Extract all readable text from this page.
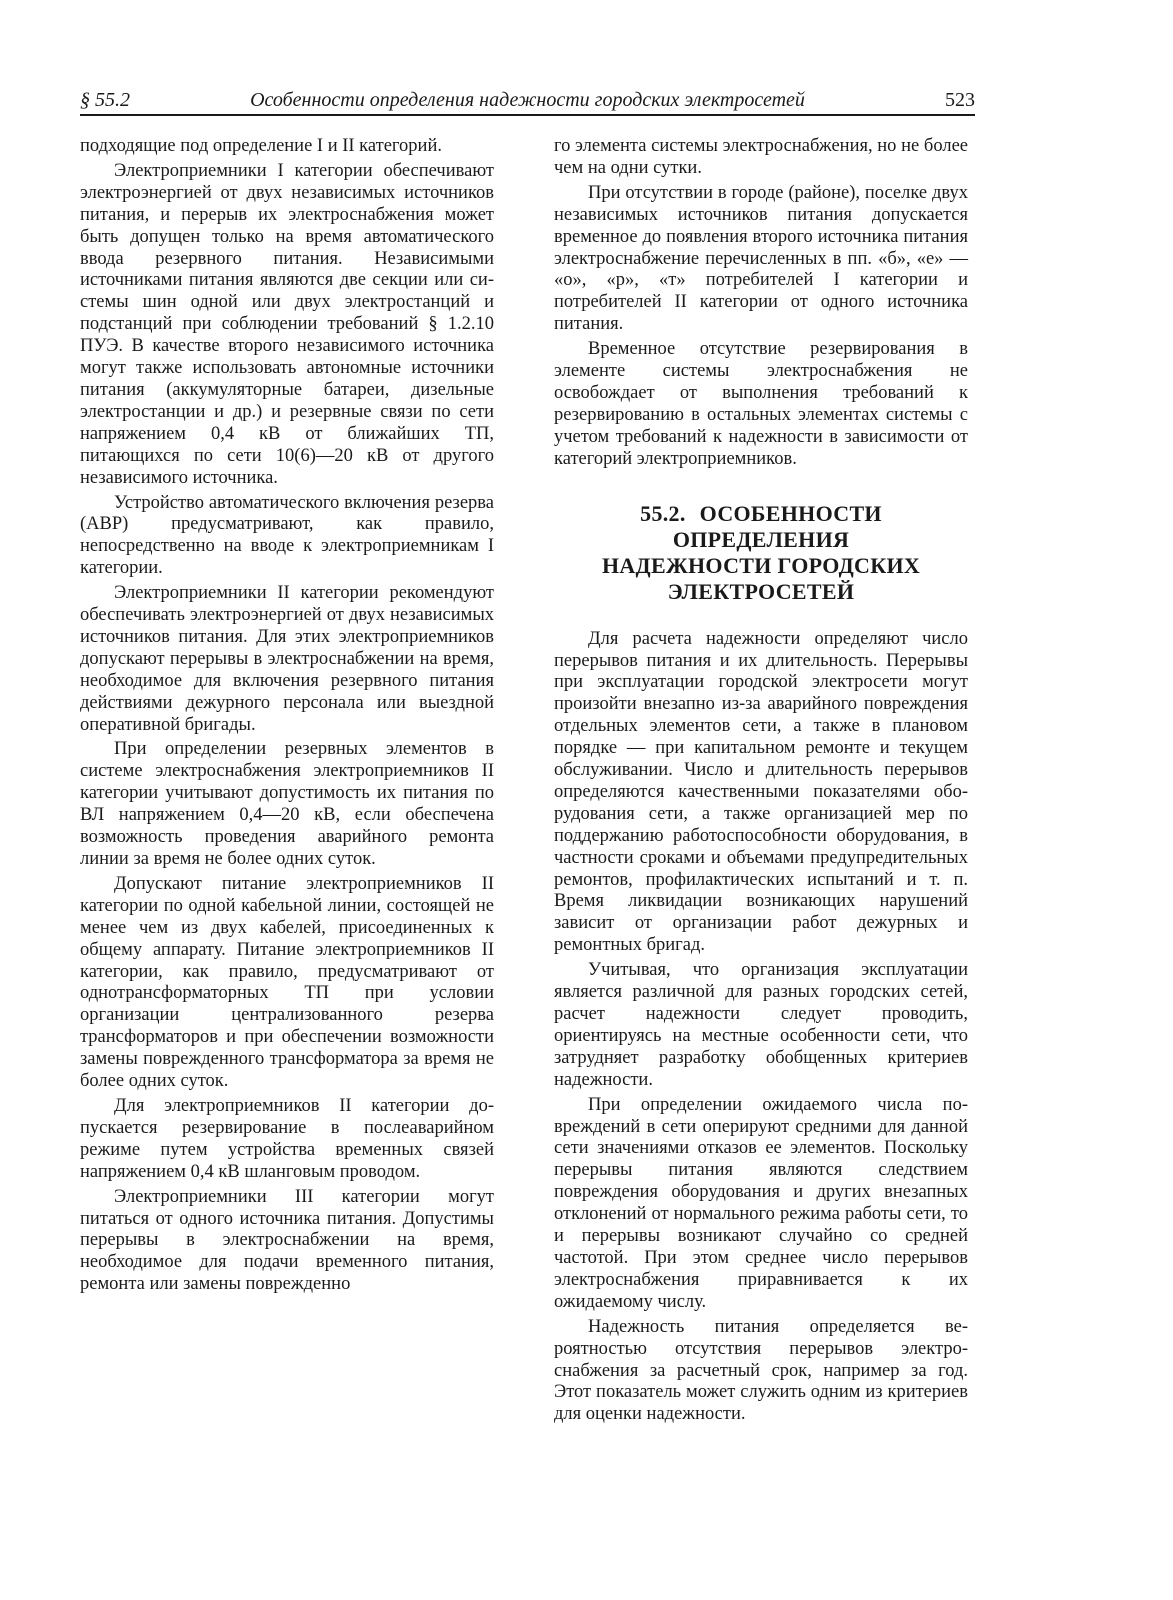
§ 55.2	Особенности определения надежности городских электросетей	523

подходящие под определение I и II категорий.

Электроприемники I категории обеспечивают электроэнергией от двух независимых источников питания, и перерыв их электроснабжения может быть допущен только на время автоматического ввода резервного питания. Независимыми источниками питания являются две секции или системы шин одной или двух электростанций и подстанций при соблюдении требований § 1.2.10 ПУЭ. В качестве второго независимого источника могут также использовать автономные источники питания (аккумуляторные батареи, дизельные электростанции и др.) и резервные связи по сети напряжением 0,4 кВ от ближайших ТП, питающихся по сети 10(6)—20 кВ от другого независимого источника.

Устройство автоматического включения резерва (АВР) предусматривают, как правило, непосредственно на вводе к электроприемникам I категории.

Электроприемники II категории рекомендуют обеспечивать электроэнергией от двух независимых источников питания. Для этих электроприемников допускают перерывы в электроснабжении на время, необходимое для включения резервного питания действиями дежурного персонала или выездной оперативной бригады.

При определении резервных элементов в системе электроснабжения электроприемников II категории учитывают допустимость их питания по ВЛ напряжением 0,4—20 кВ, если обеспечена возможность проведения аварийного ремонта линии за время не более одних суток.

Допускают питание электроприемников II категории по одной кабельной линии, состоящей не менее чем из двух кабелей, присоединенных к общему аппарату. Питание электроприемников II категории, как правило, предусматривают от однотрансформаторных ТП при условии организации централизованного резерва трансформаторов и при обеспечении возможности замены поврежденного трансформатора за время не более одних суток.

Для электроприемников II категории допускается резервирование в послеаварийном режиме путем устройства временных связей напряжением 0,4 кВ шланговым проводом.

Электроприемники III категории могут питаться от одного источника питания. Допустимы перерывы в электроснабжении на время, необходимое для подачи временного питания, ремонта или замены поврежденно

го элемента системы электроснабжения, но не более чем на одни сутки.

При отсутствии в городе (районе), поселке двух независимых источников питания допускается временное до появления второго источника питания электроснабжение перечисленных в пп. «б», «е» — «о», «р», «т» потребителей I категории и потребителей II категории от одного источника питания.

Временное отсутствие резервирования в элементе системы электроснабжения не освобождает от выполнения требований к резервированию в остальных элементах системы с учетом требований к надежности в зависимости от категорий электроприемников.

55.2. ОСОБЕННОСТИ ОПРЕДЕЛЕНИЯ
НАДЕЖНОСТИ ГОРОДСКИХ
ЭЛЕКТРОСЕТЕЙ

Для расчета надежности определяют число перерывов питания и их длительность. Перерывы при эксплуатации городской электросети могут произойти внезапно из-за аварийного повреждения отдельных элементов сети, а также в плановом порядке — при капитальном ремонте и текущем обслуживании. Число и длительность перерывов определяются качественными показателями оборудования сети, а также организацией мер по поддержанию работоспособности оборудования, в частности сроками и объемами предупредительных ремонтов, профилактических испытаний и т. п. Время ликвидации возникающих нарушений зависит от организации работ дежурных и ремонтных бригад.

Учитывая, что организация эксплуатации является различной для разных городских сетей, расчет надежности следует проводить, ориентируясь на местные особенности сети, что затрудняет разработку обобщенных критериев надежности.

При определении ожидаемого числа повреждений в сети оперируют средними для данной сети значениями отказов ее элементов. Поскольку перерывы питания являются следствием повреждения оборудования и других внезапных отклонений от нормального режима работы сети, то и перерывы возникают случайно со средней частотой. При этом среднее число перерывов электроснабжения приравнивается к их ожидаемому числу.

Надежность питания определяется вероятностью отсутствия перерывов электроснабжения за расчетный срок, например за год. Этот показатель может служить одним из критериев для оценки надежности.
